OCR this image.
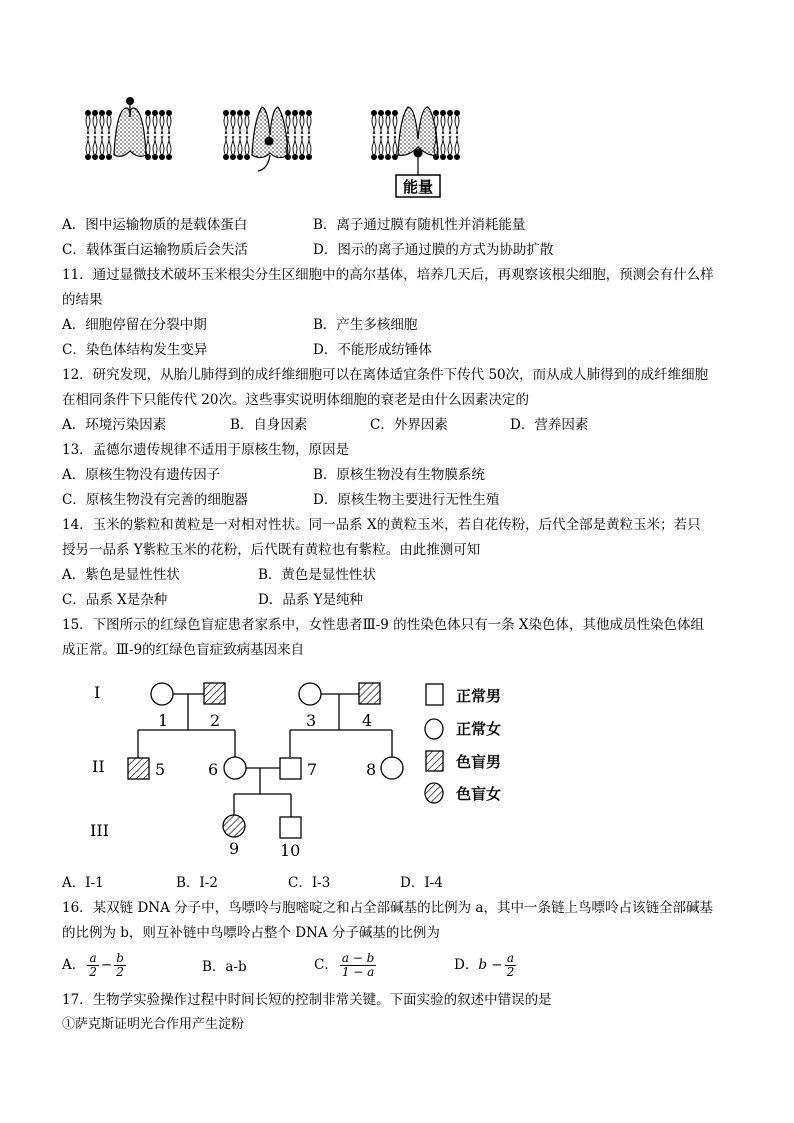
能量
A．图中运输物质的是载体蛋白	B．离子通过膜有随机性并消耗能量
C．载体蛋白运输物质后会失活	D．图示的离子通过膜的方式为协助扩散
11．通过显微技术破坏玉米根尖分生区细胞中的高尔基体，培养几天后，再观察该根尖细胞，预测会有什么样
的结果
A．细胞停留在分裂中期	B．产生多核细胞
C．染色体结构发生变异	D．不能形成纺锤体
12．研究发现，从胎儿肺得到的成纤维细胞可以在离体适宜条件下传代 50次，而从成人肺得到的成纤维细胞
在相同条件下只能传代 20次。这些事实说明体细胞的衰老是由什么因素决定的
A．环境污染因素	B．自身因素	C．外界因素	D．营养因素
13．孟德尔遗传规律不适用于原核生物，原因是
A．原核生物没有遗传因子	B．原核生物没有生物膜系统
C．原核生物没有完善的细胞器	D．原核生物主要进行无性生殖
14．玉米的紫粒和黄粒是一对相对性状。同一品系 X的黄粒玉米，若自花传粉，后代全部是黄粒玉米；若只
授另一品系 Y紫粒玉米的花粉，后代既有黄粒也有紫粒。由此推测可知
A．紫色是显性性状	B．黄色是显性性状
C．品系 X是杂种	D．品系 Y是纯种
15．下图所示的红绿色盲症患者家系中，女性患者Ⅲ-9 的性染色体只有一条 X染色体，其他成员性染色体组
成正常。Ⅲ-9的红绿色盲症致病基因来自
I
II
III
1	2	3	4
5	6	7	8
9	10
正常男
正常女
色盲男
色盲女
A．I-1	B．Ⅰ-2	C．I-3	D．Ⅰ-4
16．某双链 DNA 分子中，鸟嘌呤与胞嘧啶之和占全部碱基的比例为 a，其中一条链上鸟嘌呤占该链全部碱基
的比例为 b，则互补链中鸟嘌呤占整个 DNA 分子碱基的比例为
A． $\frac{a}{2} - \frac{b}{2}$	B．a-b	C． $\frac{a - b}{1 - a}$	D．$b - \frac{a}{2}$
17．生物学实验操作过程中时间长短的控制非常关键。下面实验的叙述中错误的是
①萨克斯证明光合作用产生淀粉
